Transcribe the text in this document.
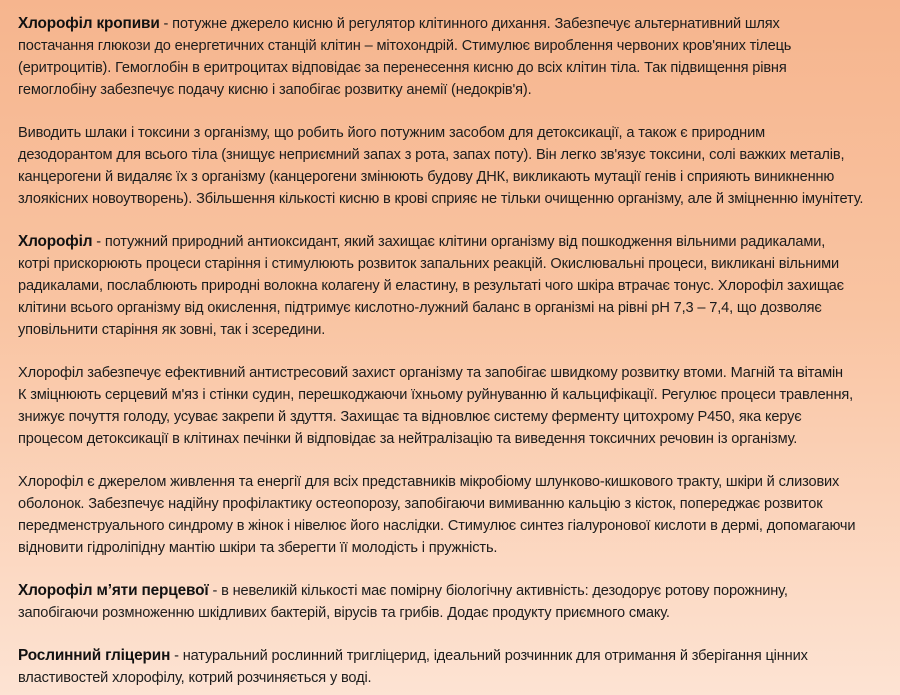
Хлорофіл кропиви - потужне джерело кисню й регулятор клітинного дихання. Забезпечує альтернативний шлях
постачання глюкози до енергетичних станцій клітин – мітохондрій. Стимулює вироблення червоних кров'яних тілець
(еритроцитів). Гемоглобін в еритроцитах відповідає за перенесення кисню до всіх клітин тіла. Так підвищення рівня
гемоглобіну забезпечує подачу кисню і запобігає розвитку анемії (недокрів'я).

Виводить шлаки і токсини з організму, що робить його потужним засобом для детоксикації, а також є природним
дезодорантом для всього тіла (знищує неприємний запах з рота, запах поту). Він легко зв'язує токсини, солі важких металів,
канцерогени й видаляє їх з організму (канцерогени змінюють будову ДНК, викликають мутації генів і сприяють виникненню
злоякісних новоутворень). Збільшення кількості кисню в крові сприяє не тільки очищенню організму, але й зміцненню імунітету.

Хлорофіл - потужний природний антиоксидант, який захищає клітини організму від пошкодження вільними радикалами,
котрі прискорюють процеси старіння і стимулюють розвиток запальних реакцій. Окислювальні процеси, викликані вільними
радикалами, послаблюють природні волокна колагену й еластину, в результаті чого шкіра втрачає тонус. Хлорофіл захищає
клітини всього організму від окислення, підтримує кислотно-лужний баланс в організмі на рівні pH 7,3 – 7,4, що дозволяє
уповільнити старіння як зовні, так і зсередини.

Хлорофіл забезпечує ефективний антистресовий захист організму та запобігає швидкому розвитку втоми. Магній та вітамін
К зміцнюють серцевий м'яз і стінки судин, перешкоджаючи їхньому руйнуванню й кальцифікації. Регулює процеси травлення,
знижує почуття голоду, усуває закрепи й здуття. Захищає та відновлює систему ферменту цитохрому P450, яка керує
процесом детоксикації в клітинах печінки й відповідає за нейтралізацію та виведення токсичних речовин із організму.

Хлорофіл є джерелом живлення та енергії для всіх представників мікробіому шлунково-кишкового тракту, шкіри й слизових
оболонок. Забезпечує надійну профілактику остеопорозу, запобігаючи вимиванню кальцію з кісток, попереджає розвиток
передменструального синдрому в жінок і нівелює його наслідки. Стимулює синтез гіалуронової кислоти в дермі, допомагаючи
відновити гідроліпідну мантію шкіри та зберегти її молодість і пружність.

Хлорофіл м’яти перцевої - в невеликій кількості має помірну біологічну активність: дезодорує ротову порожнину,
запобігаючи розмноженню шкідливих бактерій, вірусів та грибів. Додає продукту приємного смаку.

Рослинний гліцерин - натуральний рослинний тригліцерид, ідеальний розчинник для отримання й зберігання цінних
властивостей хлорофілу, котрий розчиняється у воді.
